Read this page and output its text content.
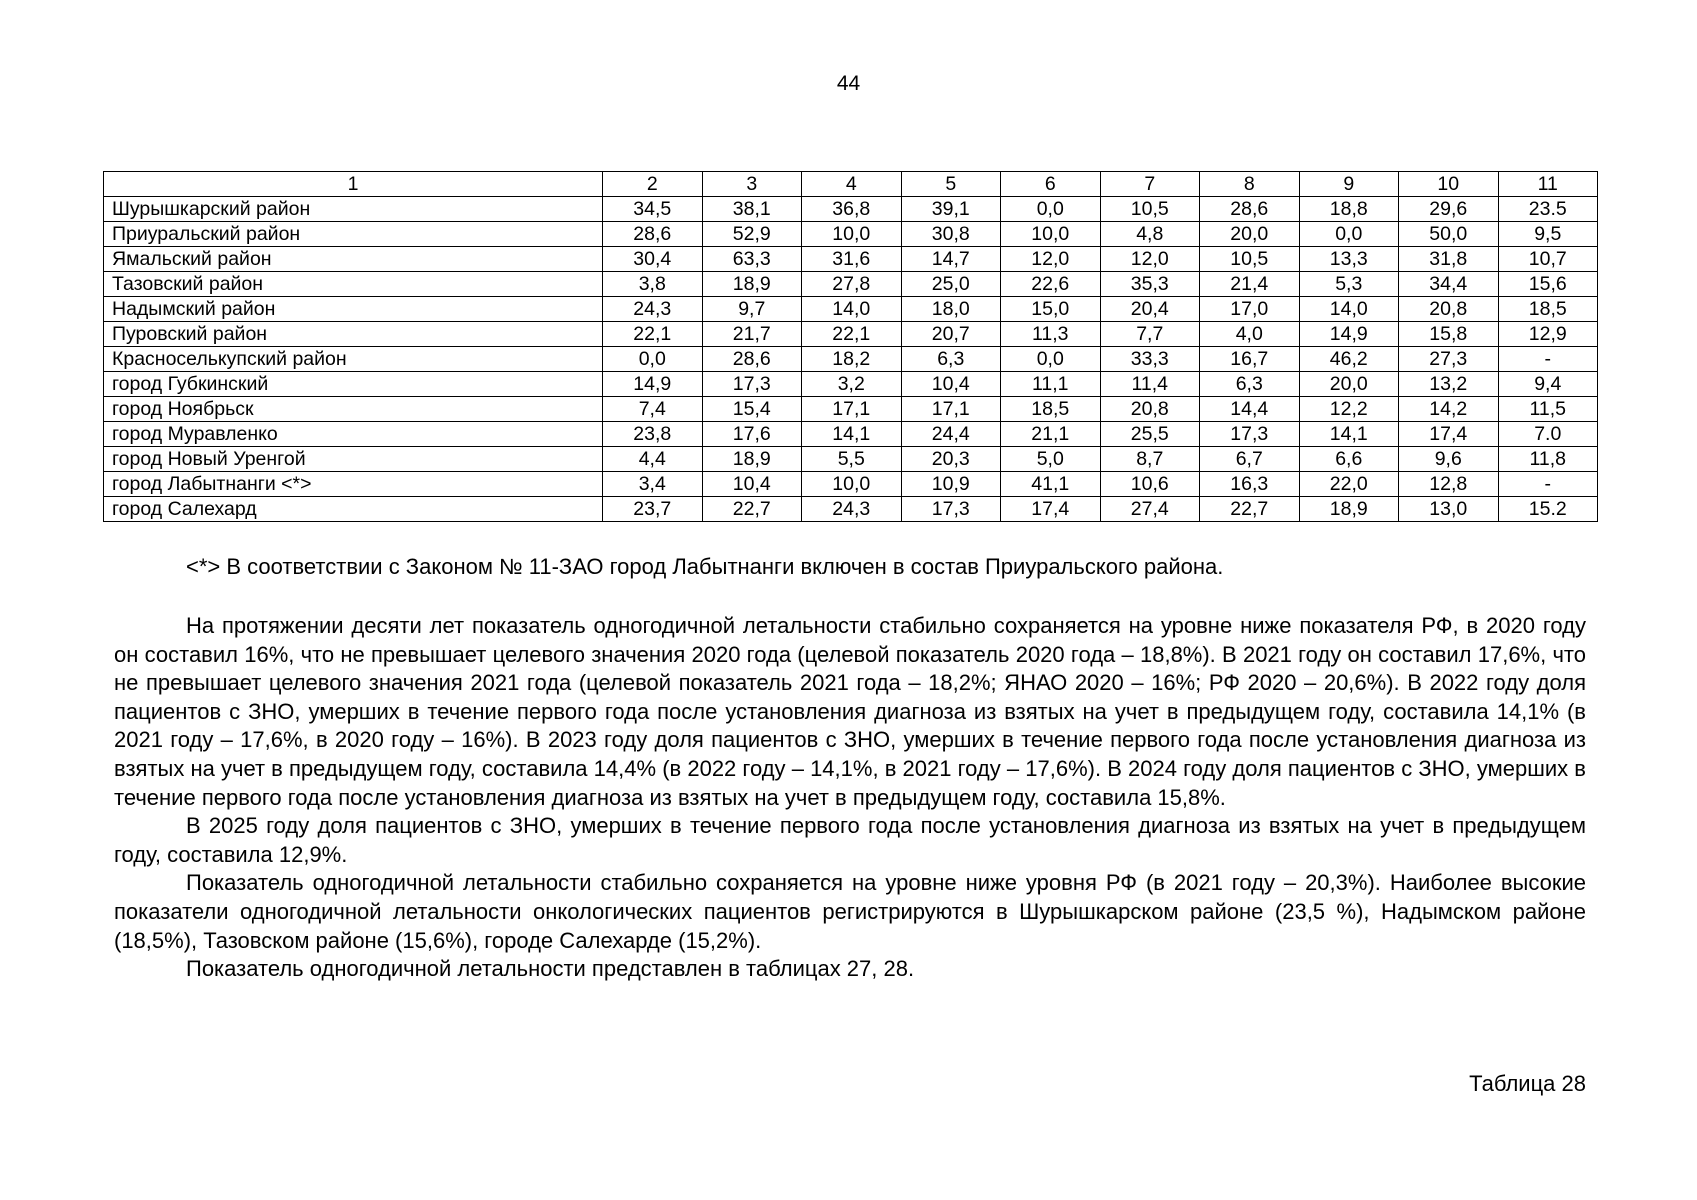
44
1	2	3	4	5	6	7	8	9	10	11
Шурышкарский район	34,5	38,1	36,8	39,1	0,0	10,5	28,6	18,8	29,6	23.5
Приуральский район	28,6	52,9	10,0	30,8	10,0	4,8	20,0	0,0	50,0	9,5
Ямальский район	30,4	63,3	31,6	14,7	12,0	12,0	10,5	13,3	31,8	10,7
Тазовский район	3,8	18,9	27,8	25,0	22,6	35,3	21,4	5,3	34,4	15,6
Надымский район	24,3	9,7	14,0	18,0	15,0	20,4	17,0	14,0	20,8	18,5
Пуровский район	22,1	21,7	22,1	20,7	11,3	7,7	4,0	14,9	15,8	12,9
Красноселькупский район	0,0	28,6	18,2	6,3	0,0	33,3	16,7	46,2	27,3	-
город Губкинский	14,9	17,3	3,2	10,4	11,1	11,4	6,3	20,0	13,2	9,4
город Ноябрьск	7,4	15,4	17,1	17,1	18,5	20,8	14,4	12,2	14,2	11,5
город Муравленко	23,8	17,6	14,1	24,4	21,1	25,5	17,3	14,1	17,4	7.0
город Новый Уренгой	4,4	18,9	5,5	20,3	5,0	8,7	6,7	6,6	9,6	11,8
город Лабытнанги <*>	3,4	10,4	10,0	10,9	41,1	10,6	16,3	22,0	12,8	-
город Салехард	23,7	22,7	24,3	17,3	17,4	27,4	22,7	18,9	13,0	15.2
<*> В соответствии с Законом № 11-ЗАО город Лабытнанги включен в состав Приуральского района.

На протяжении десяти лет показатель одногодичной летальности стабильно сохраняется на уровне ниже показателя РФ, в 2020 году он составил 16%, что не превышает целевого значения 2020 года (целевой показатель 2020 года – 18,8%). В 2021 году он составил 17,6%, что не превышает целевого значения 2021 года (целевой показатель 2021 года – 18,2%; ЯНАО 2020 – 16%; РФ 2020 – 20,6%). В 2022 году доля пациентов с ЗНО, умерших в течение первого года после установления диагноза из взятых на учет в предыдущем году, составила 14,1% (в 2021 году – 17,6%, в 2020 году – 16%). В 2023 году доля пациентов с ЗНО, умерших в течение первого года после установления диагноза из взятых на учет в предыдущем году, составила 14,4% (в 2022 году – 14,1%, в 2021 году – 17,6%). В 2024 году доля пациентов с ЗНО, умерших в течение первого года после установления диагноза из взятых на учет в предыдущем году, составила 15,8%.

В 2025 году доля пациентов с ЗНО, умерших в течение первого года после установления диагноза из взятых на учет в предыдущем году, составила 12,9%.

Показатель одногодичной летальности стабильно сохраняется на уровне ниже уровня РФ (в 2021 году – 20,3%). Наиболее высокие показатели одногодичной летальности онкологических пациентов регистрируются в Шурышкарском районе (23,5 %), Надымском районе (18,5%), Тазовском районе (15,6%), городе Салехарде (15,2%).

Показатель одногодичной летальности представлен в таблицах 27, 28.

Таблица 28
